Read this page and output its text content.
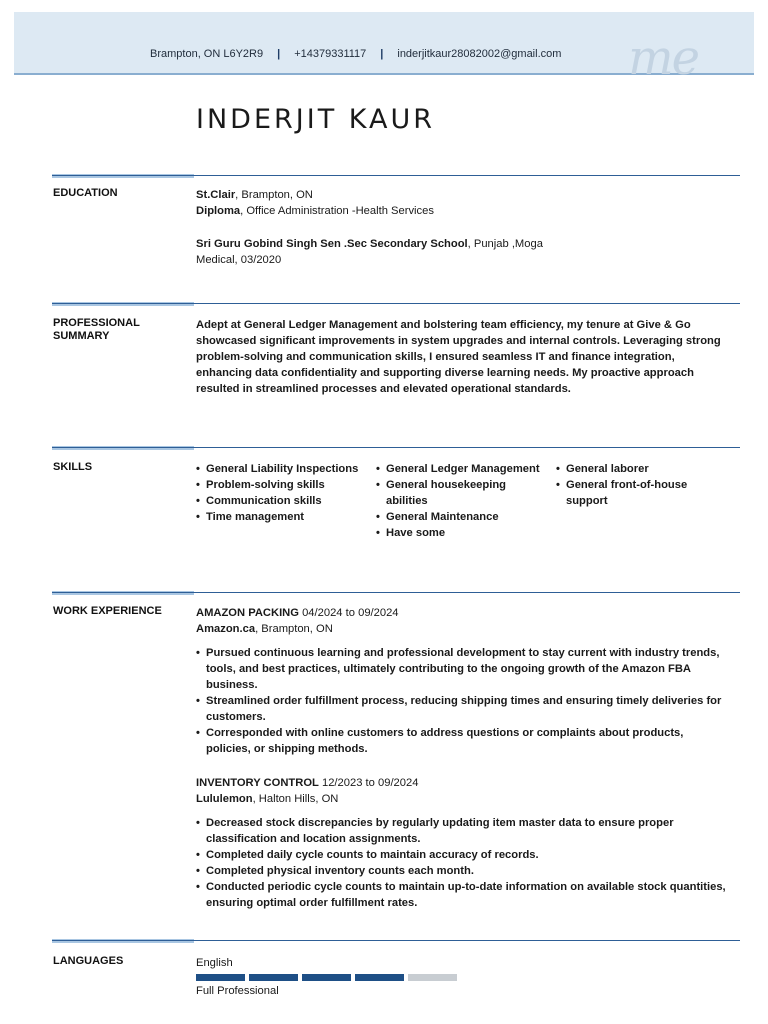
me
Brampton, ON L6Y2R9 | +14379331117 | inderjitkaur28082002@gmail.com
INDERJIT KAUR
EDUCATION	St.Clair, Brampton, ON
Diploma, Office Administration -Health Services
Sri Guru Gobind Singh Sen .Sec Secondary School, Punjab ,Moga
Medical, 03/2020
PROFESSIONAL SUMMARY
Adept at General Ledger Management and bolstering team efficiency, my tenure at Give & Go showcased significant improvements in system upgrades and internal controls. Leveraging strong problem-solving and communication skills, I ensured seamless IT and finance integration, enhancing data confidentiality and supporting diverse learning needs. My proactive approach resulted in streamlined processes and elevated operational standards.
SKILLS
•	General Liability Inspections
• Problem-solving skills
• Communication skills
• Time management
• General Ledger Management
• General housekeeping abilities
• General Maintenance
• Have some
• General laborer
• General front-of-house support
WORK EXPERIENCE	AMAZON PACKING 04/2024 to 09/2024
Amazon.ca, Brampton, ON
• Pursued continuous learning and professional development to stay current with industry trends, tools, and best practices, ultimately contributing to the ongoing growth of the Amazon FBA business.
• Streamlined order fulfillment process, reducing shipping times and ensuring timely deliveries for customers.
• Corresponded with online customers to address questions or complaints about products, policies, or shipping methods.
INVENTORY CONTROL 12/2023 to 09/2024
Lululemon, Halton Hills, ON
• Decreased stock discrepancies by regularly updating item master data to ensure proper classification and location assignments.
• Completed daily cycle counts to maintain accuracy of records.
• Completed physical inventory counts each month.
• Conducted periodic cycle counts to maintain up-to-date information on available stock quantities, ensuring optimal order fulfillment rates.
LANGUAGES	English
Full Professional
